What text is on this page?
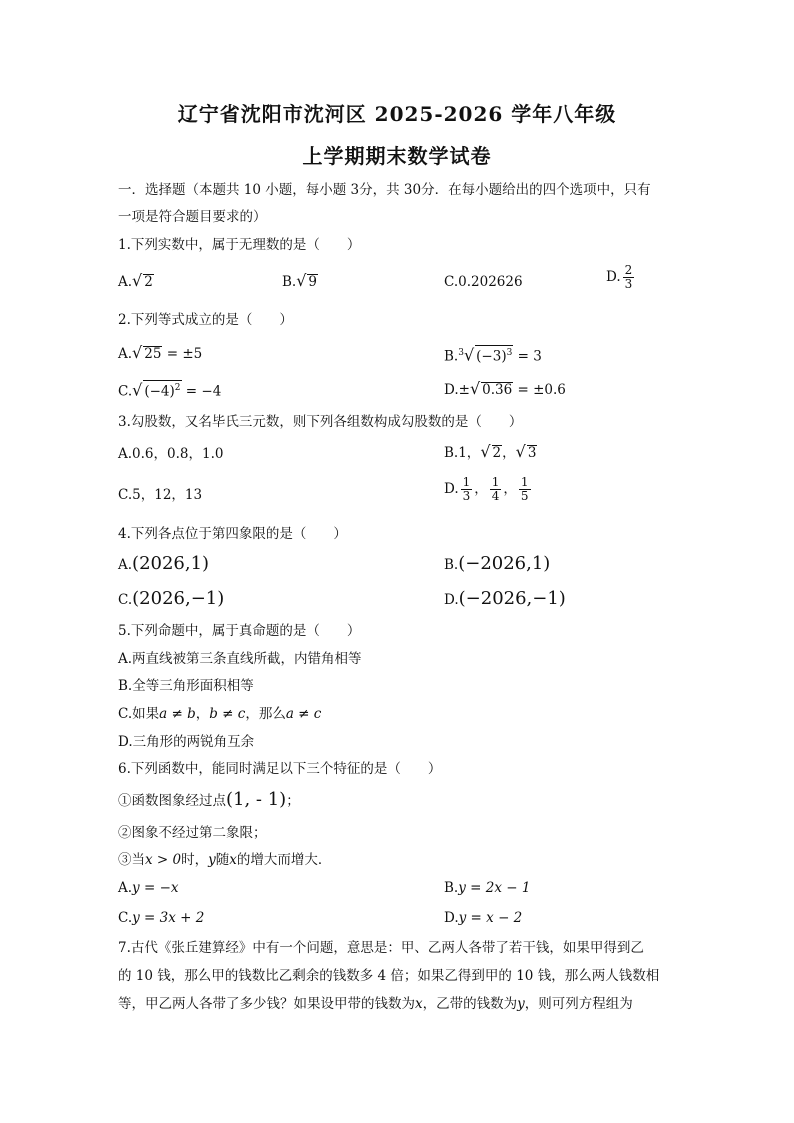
辽宁省沈阳市沈河区 2025-2026 学年八年级
上学期期末数学试卷
一．选择题（本题共 10 小题，每小题 3分，共 30分．在每小题给出的四个选项中，只有
一项是符合题目要求的）
1.下列实数中，属于无理数的是（　　）
A.√ 2	B.√ 9	C.0.202626	D. $\frac{2}{3}$
2.下列等式成立的是（　　）
A.√ 25 = ±5	B.$^3$√ $(-3)^3 = 3$
C.√ $(-4)^2 = -4$	D.±√ 0.36 = ±0.6
3.勾股数，又名毕氏三元数，则下列各组数构成勾股数的是（　　）
A.0.6，0.8，1.0	B.1，√ 2，√ 3
C.5，12，13	D. $\frac{1}{3}$ ， $\frac{1}{4}$ ， $\frac{1}{5}$
4.下列各点位于第四象限的是（　　）
A.(2026,1)	B.(−2026,1)
C.(2026,−1)	D.(−2026,−1)
5.下列命题中，属于真命题的是（　　）
A.两直线被第三条直线所截，内错角相等
B.全等三角形面积相等
C.如果a ≠ b，b ≠ c，那么a ≠ c
D.三角形的两锐角互余
6.下列函数中，能同时满足以下三个特征的是（　　）
①函数图象经过点(1, - 1)；
②图象不经过第二象限；
③当x > 0时，y随x的增大而增大．
A.y = −x	B.y = 2x − 1
C.y = 3x + 2	D.y = x − 2
7.古代《张丘建算经》中有一个问题，意思是：甲、乙两人各带了若干钱，如果甲得到乙
的 10 钱，那么甲的钱数比乙剩余的钱数多 4 倍；如果乙得到甲的 10 钱，那么两人钱数相
等，甲乙两人各带了多少钱？如果设甲带的钱数为x，乙带的钱数为y，则可列方程组为
